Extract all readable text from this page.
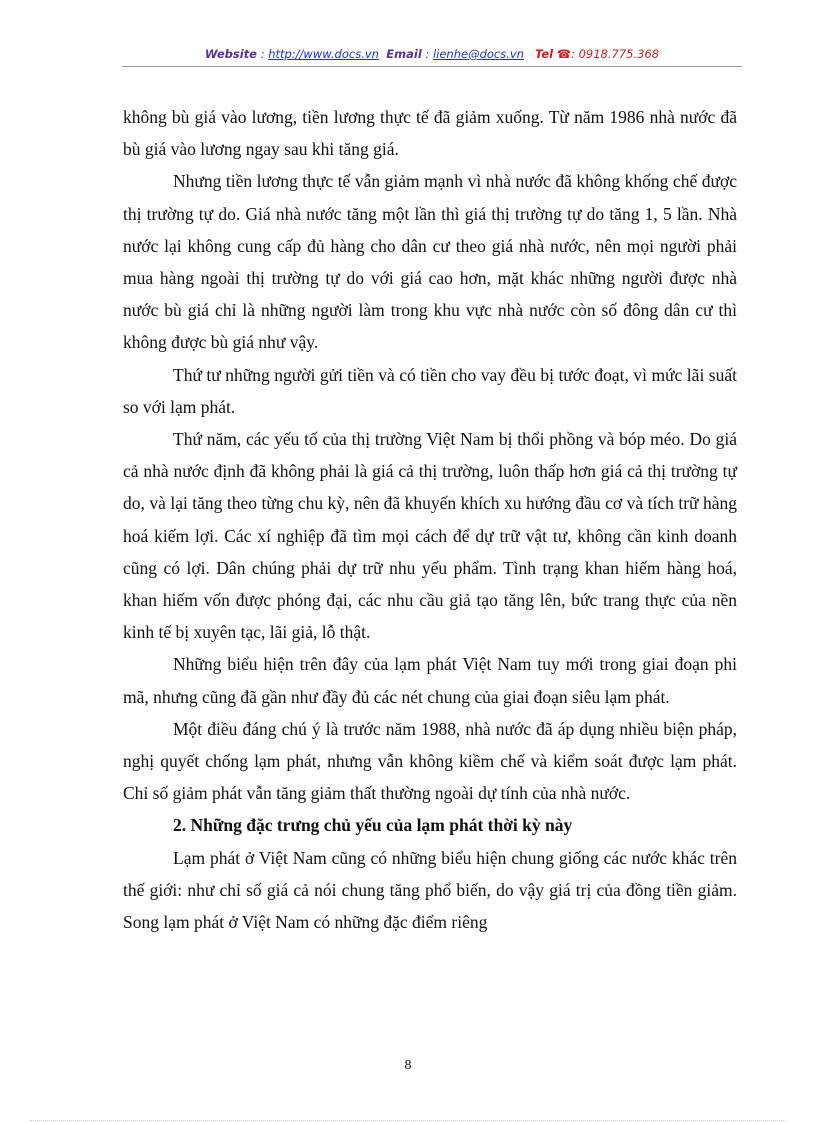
Website : http://www.docs.vn Email : lienhe@docs.vn Tel ☎: 0918.775.368

không bù giá vào lương, tiền lương thực tế đã giảm xuống. Từ năm 1986 nhà nước đã bù giá vào lương ngay sau khi tăng giá.

Nhưng tiền lương thực tế vẫn giảm mạnh vì nhà nước đã không khống chế được thị trường tự do. Giá nhà nước tăng một lần thì giá thị trường tự do tăng 1, 5 lần. Nhà nước lại không cung cấp đủ hàng cho dân cư theo giá nhà nước, nên mọi người phải mua hàng ngoài thị trường tự do với giá cao hơn, mặt khác những người được nhà nước bù giá chỉ là những người làm trong khu vực nhà nước còn số đông dân cư thì không được bù giá như vậy.

Thứ tư những người gửi tiền và có tiền cho vay đều bị tước đoạt, vì mức lãi suất so với lạm phát.

Thứ năm, các yếu tố của thị trường Việt Nam bị thổi phồng và bóp méo. Do giá cả nhà nước định đã không phải là giá cả thị trường, luôn thấp hơn giá cả thị trường tự do, và lại tăng theo từng chu kỳ, nên đã khuyến khích xu hướng đầu cơ và tích trữ hàng hoá kiếm lợi. Các xí nghiệp đã tìm mọi cách để dự trữ vật tư, không cần kinh doanh cũng có lợi. Dân chúng phải dự trữ nhu yếu phẩm. Tình trạng khan hiếm hàng hoá, khan hiếm vốn được phóng đại, các nhu cầu giả tạo tăng lên, bức trang thực của nền kinh tế bị xuyên tạc, lãi giả, lỗ thật.

Những biểu hiện trên đây của lạm phát Việt Nam tuy mới trong giai đoạn phi mã, nhưng cũng đã gần như đầy đủ các nét chung của giai đoạn siêu lạm phát.

Một điều đáng chú ý là trước năm 1988, nhà nước đã áp dụng nhiều biện pháp, nghị quyết chống lạm phát, nhưng vẫn không kiềm chế và kiểm soát được lạm phát. Chỉ số giảm phát vẫn tăng giảm thất thường ngoài dự tính của nhà nước.

2. Những đặc trưng chủ yếu của lạm phát thời kỳ này

Lạm phát ở Việt Nam cũng có những biểu hiện chung giống các nước khác trên thế giới: như chỉ số giá cả nói chung tăng phổ biến, do vậy giá trị của đồng tiền giảm. Song lạm phát ở Việt Nam có những đặc điểm riêng

8
